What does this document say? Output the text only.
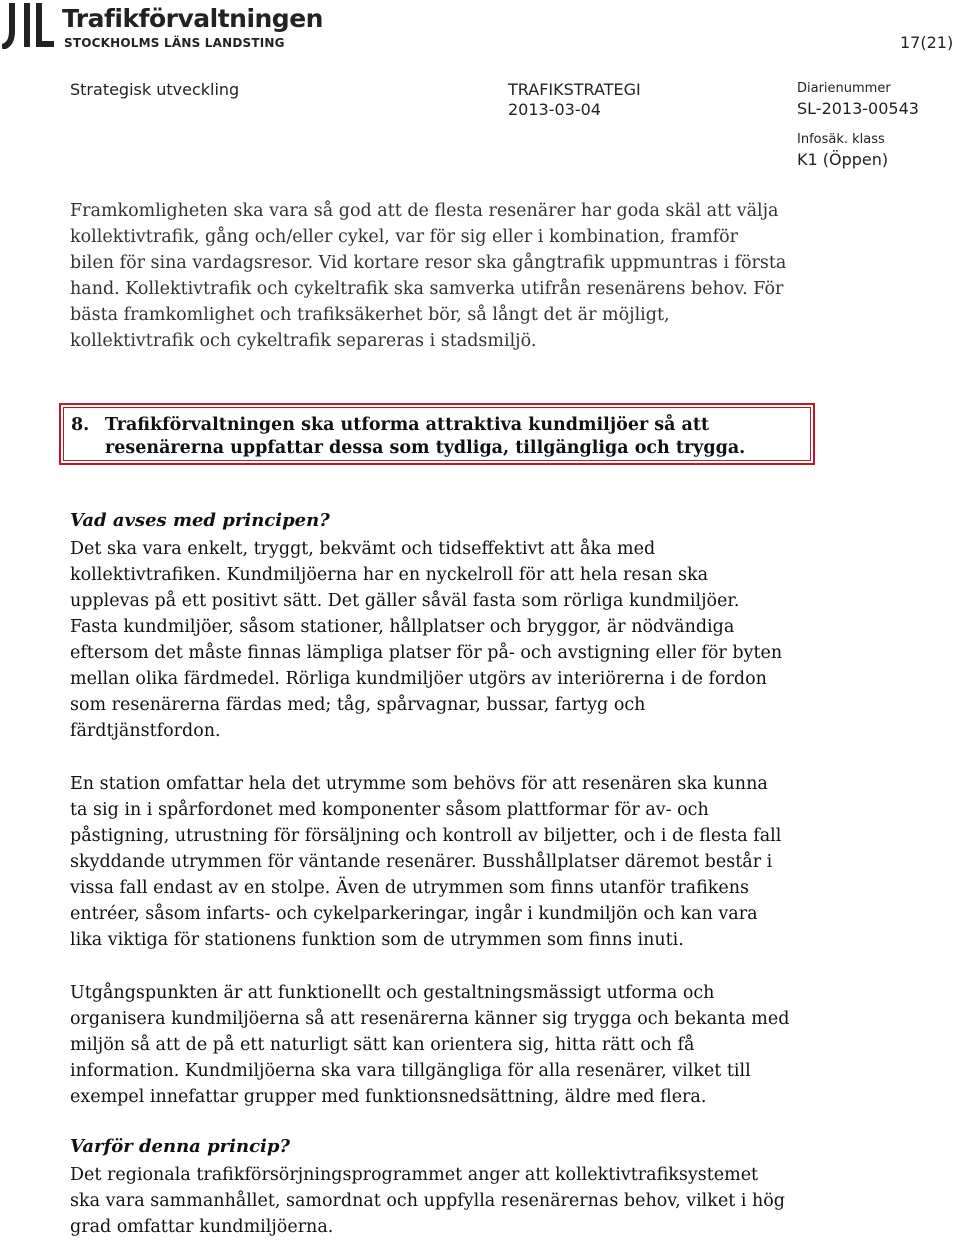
Trafikförvaltningen
STOCKHOLMS LÄNS LANDSTING	17(21)
Strategisk utveckling	TRAFIKSTRATEGI
2013-03-04
Diarienummer
SL-2013-00543
Infosäk. klass
K1 (Öppen)
Framkomligheten ska vara så god att de flesta resenärer har goda skäl att välja
kollektivtrafik, gång och/eller cykel, var för sig eller i kombination, framför
bilen för sina vardagsresor. Vid kortare resor ska gångtrafik uppmuntras i första
hand. Kollektivtrafik och cykeltrafik ska samverka utifrån resenärens behov. För
bästa framkomlighet och trafiksäkerhet bör, så långt det är möjligt,
kollektivtrafik och cykeltrafik separeras i stadsmiljö.
8. Trafikförvaltningen ska utforma attraktiva kundmiljöer så att
resenärerna uppfattar dessa som tydliga, tillgängliga och trygga.
Vad avses med principen?
Det ska vara enkelt, tryggt, bekvämt och tidseffektivt att åka med
kollektivtrafiken. Kundmiljöerna har en nyckelroll för att hela resan ska
upplevas på ett positivt sätt. Det gäller såväl fasta som rörliga kundmiljöer.
Fasta kundmiljöer, såsom stationer, hållplatser och bryggor, är nödvändiga
eftersom det måste finnas lämpliga platser för på- och avstigning eller för byten
mellan olika färdmedel. Rörliga kundmiljöer utgörs av interiörerna i de fordon
som resenärerna färdas med; tåg, spårvagnar, bussar, fartyg och
färdtjänstfordon.
En station omfattar hela det utrymme som behövs för att resenären ska kunna
ta sig in i spårfordonet med komponenter såsom plattformar för av- och
påstigning, utrustning för försäljning och kontroll av biljetter, och i de flesta fall
skyddande utrymmen för väntande resenärer. Busshållplatser däremot består i
vissa fall endast av en stolpe. Även de utrymmen som finns utanför trafikens
entréer, såsom infarts- och cykelparkeringar, ingår i kundmiljön och kan vara
lika viktiga för stationens funktion som de utrymmen som finns inuti.
Utgångspunkten är att funktionellt och gestaltningsmässigt utforma och
organisera kundmiljöerna så att resenärerna känner sig trygga och bekanta med
miljön så att de på ett naturligt sätt kan orientera sig, hitta rätt och få
information. Kundmiljöerna ska vara tillgängliga för alla resenärer, vilket till
exempel innefattar grupper med funktionsnedsättning, äldre med flera.
Varför denna princip?
Det regionala trafikförsörjningsprogrammet anger att kollektivtrafiksystemet
ska vara sammanhållet, samordnat och uppfylla resenärernas behov, vilket i hög
grad omfattar kundmiljöerna.
